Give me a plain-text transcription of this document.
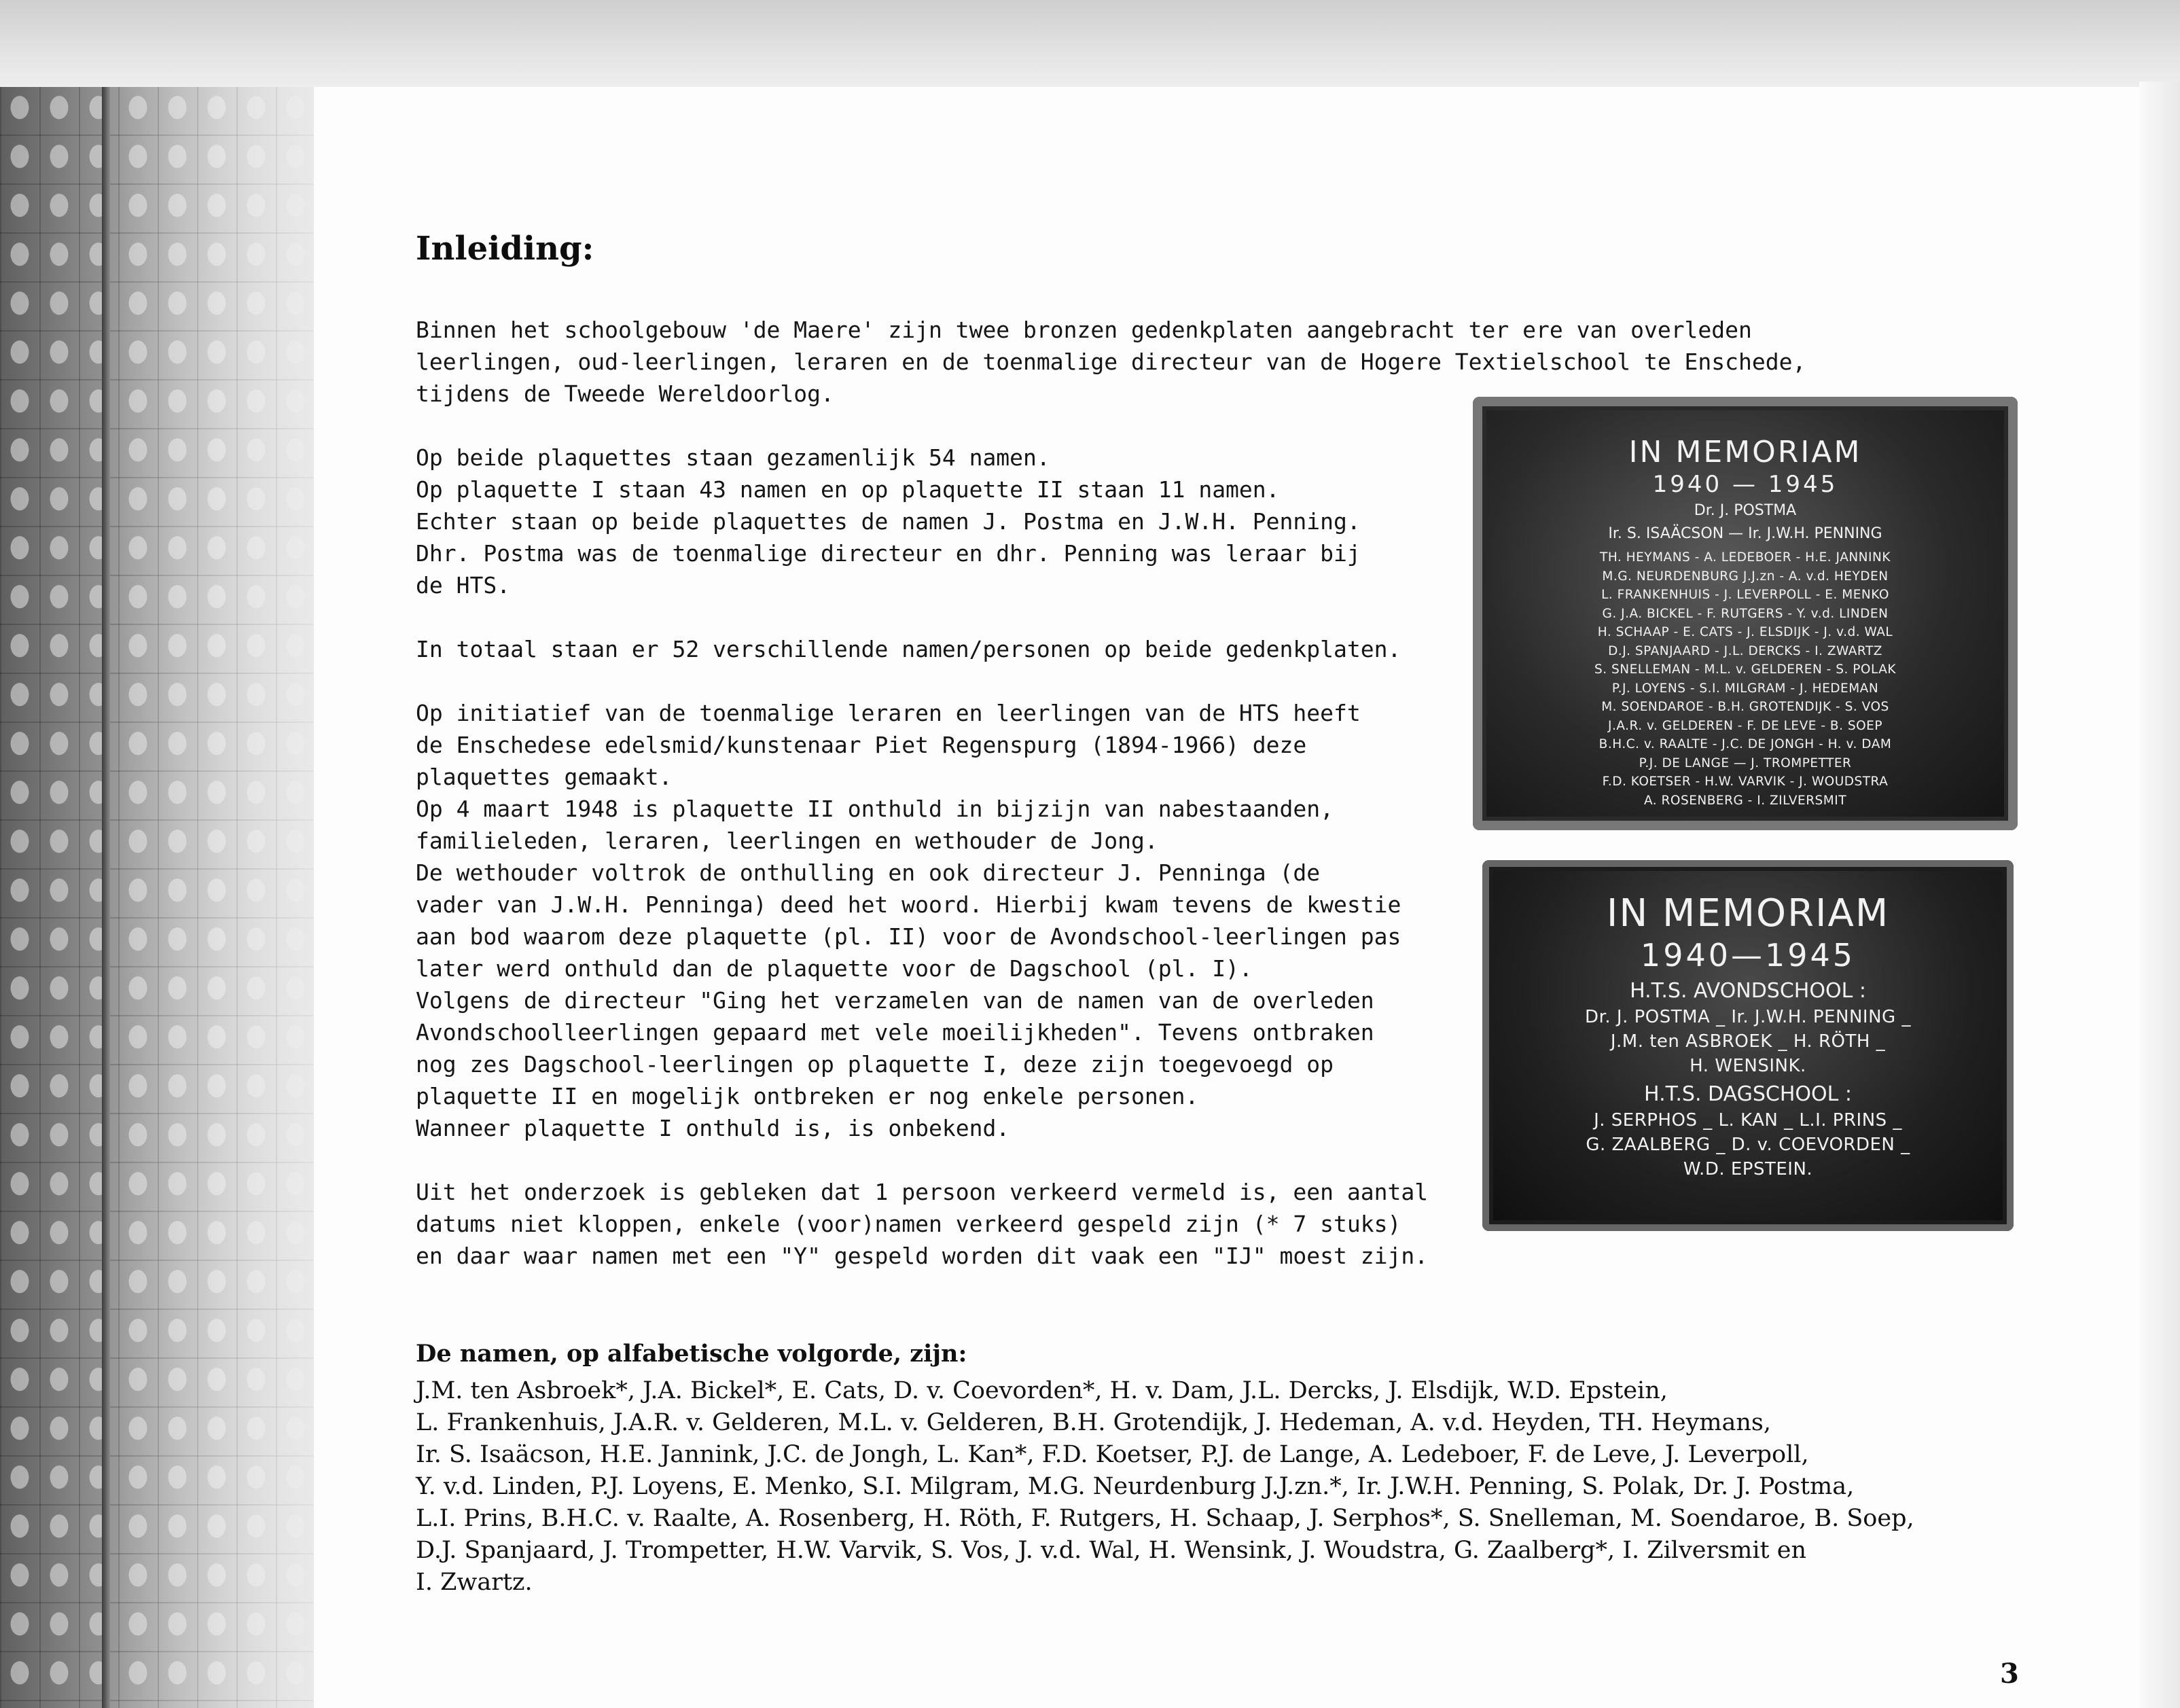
Inleiding:

Binnen het schoolgebouw 'de Maere' zijn twee bronzen gedenkplaten aangebracht ter ere van overleden

leerlingen, oud-leerlingen, leraren en de toenmalige directeur van de Hogere Textielschool te Enschede,

tijdens de Tweede Wereldoorlog.

Op beide plaquettes staan gezamenlijk 54 namen.

Op plaquette I staan 43 namen en op plaquette II staan 11 namen.

Echter staan op beide plaquettes de namen J. Postma en J.W.H. Penning.

Dhr. Postma was de toenmalige directeur en dhr. Penning was leraar bij

de HTS.

In totaal staan er 52 verschillende namen/personen op beide gedenkplaten.

Op initiatief van de toenmalige leraren en leerlingen van de HTS heeft

de Enschedese edelsmid/kunstenaar Piet Regenspurg (1894-1966) deze

plaquettes gemaakt.

Op 4 maart 1948 is plaquette II onthuld in bijzijn van nabestaanden,

familieleden, leraren, leerlingen en wethouder de Jong.

De wethouder voltrok de onthulling en ook directeur J. Penninga (de

vader van J.W.H. Penninga) deed het woord. Hierbij kwam tevens de kwestie

aan bod waarom deze plaquette (pl. II) voor de Avondschool-leerlingen pas

later werd onthuld dan de plaquette voor de Dagschool (pl. I).

Volgens de directeur "Ging het verzamelen van de namen van de overleden

Avondschoolleerlingen gepaard met vele moeilijkheden". Tevens ontbraken

nog zes Dagschool-leerlingen op plaquette I, deze zijn toegevoegd op

plaquette II en mogelijk ontbreken er nog enkele personen.

Wanneer plaquette I onthuld is, is onbekend.

Uit het onderzoek is gebleken dat 1 persoon verkeerd vermeld is, een aantal

datums niet kloppen, enkele (voor)namen verkeerd gespeld zijn (* 7 stuks)

en daar waar namen met een "Y" gespeld worden dit vaak een "IJ" moest zijn.

IN MEMORIAM
1940 — 1945
Dr. J. POSTMA
Ir. S. ISAÄCSON — Ir. J.W.H. PENNING
TH. HEYMANS - A. LEDEBOER - H.E. JANNINK
M.G. NEURDENBURG J.J.zn - A. v.d. HEYDEN
L. FRANKENHUIS - J. LEVERPOLL - E. MENKO
G. J.A. BICKEL - F. RUTGERS - Y. v.d. LINDEN
H. SCHAAP - E. CATS - J. ELSDIJK - J. v.d. WAL
D.J. SPANJAARD - J.L. DERCKS - I. ZWARTZ
S. SNELLEMAN - M.L. v. GELDEREN - S. POLAK
P.J. LOYENS - S.I. MILGRAM - J. HEDEMAN
M. SOENDAROE - B.H. GROTENDIJK - S. VOS
J.A.R. v. GELDEREN - F. DE LEVE - B. SOEP
B.H.C. v. RAALTE - J.C. DE JONGH - H. v. DAM
P.J. DE LANGE — J. TROMPETTER
F.D. KOETSER - H.W. VARVIK - J. WOUDSTRA
A. ROSENBERG - I. ZILVERSMIT
IN MEMORIAM
1940—1945
H.T.S. AVONDSCHOOL :
Dr. J. POSTMA _ Ir. J.W.H. PENNING _
J.M. ten ASBROEK _ H. RÖTH _
H. WENSINK.
H.T.S. DAGSCHOOL :
J. SERPHOS _ L. KAN _ L.I. PRINS _
G. ZAALBERG _ D. v. COEVORDEN _
W.D. EPSTEIN.
De namen, op alfabetische volgorde, zijn:
J.M. ten Asbroek*, J.A. Bickel*, E. Cats, D. v. Coevorden*, H. v. Dam, J.L. Dercks, J. Elsdijk, W.D. Epstein,
L. Frankenhuis, J.A.R. v. Gelderen, M.L. v. Gelderen, B.H. Grotendijk, J. Hedeman, A. v.d. Heyden, TH. Heymans,
Ir. S. Isaäcson, H.E. Jannink, J.C. de Jongh, L. Kan*, F.D. Koetser, P.J. de Lange, A. Ledeboer, F. de Leve, J. Leverpoll,
Y. v.d. Linden, P.J. Loyens, E. Menko, S.I. Milgram, M.G. Neurdenburg J.J.zn.*, Ir. J.W.H. Penning, S. Polak, Dr. J. Postma,
L.I. Prins, B.H.C. v. Raalte, A. Rosenberg, H. Röth, F. Rutgers, H. Schaap, J. Serphos*, S. Snelleman, M. Soendaroe, B. Soep,
D.J. Spanjaard, J. Trompetter, H.W. Varvik, S. Vos, J. v.d. Wal, H. Wensink, J. Woudstra, G. Zaalberg*, I. Zilversmit en
I. Zwartz.
3
